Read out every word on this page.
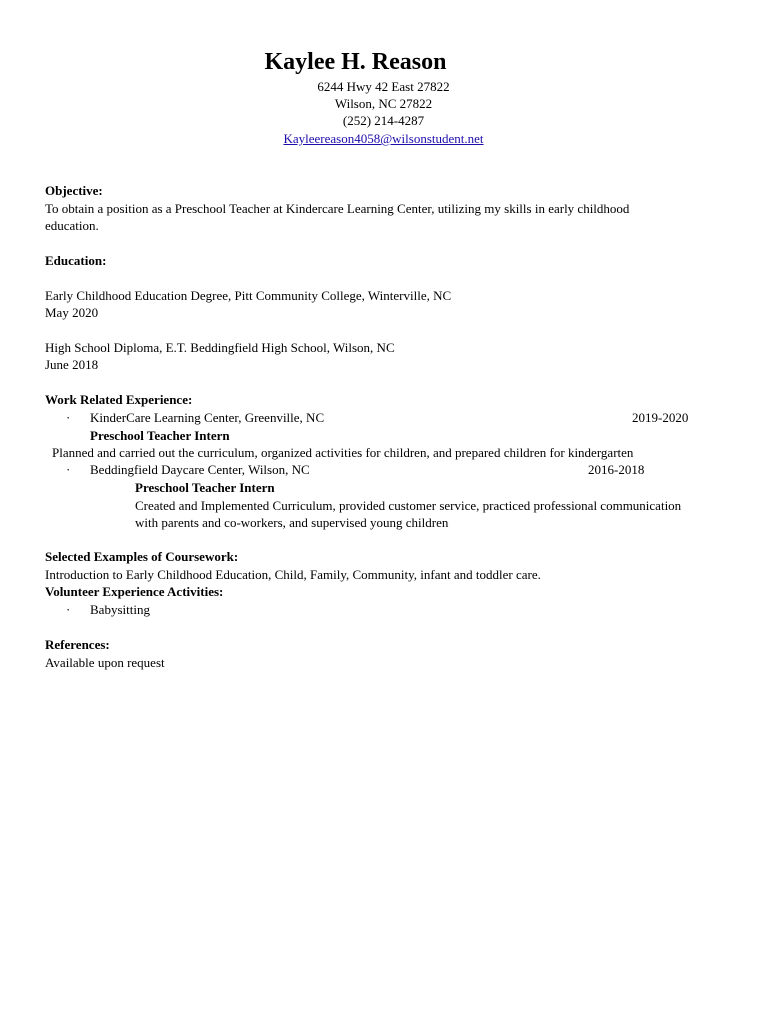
Kaylee H. Reason
6244 Hwy 42 East 27822
Wilson, NC 27822
(252) 214-4287
Kayleereason4058@wilsonstudent.net
Objective:
To obtain a position as a Preschool Teacher at Kindercare Learning Center, utilizing my skills in early childhood
education.
Education:
Early Childhood Education Degree, Pitt Community College, Winterville, NC
May 2020
High School Diploma, E.T. Beddingfield High School, Wilson, NC
June 2018
Work Related Experience:
· KinderCare Learning Center, Greenville, NC	2019-2020
Preschool Teacher Intern
Planned and carried out the curriculum, organized activities for children, and prepared children for kindergarten
· Beddingfield Daycare Center, Wilson, NC	2016-2018
Preschool Teacher Intern
Created and Implemented Curriculum, provided customer service, practiced professional communication
with parents and co-workers, and supervised young children
Selected Examples of Coursework:
Introduction to Early Childhood Education, Child, Family, Community, infant and toddler care.
Volunteer Experience Activities:
· Babysitting
References:
Available upon request
